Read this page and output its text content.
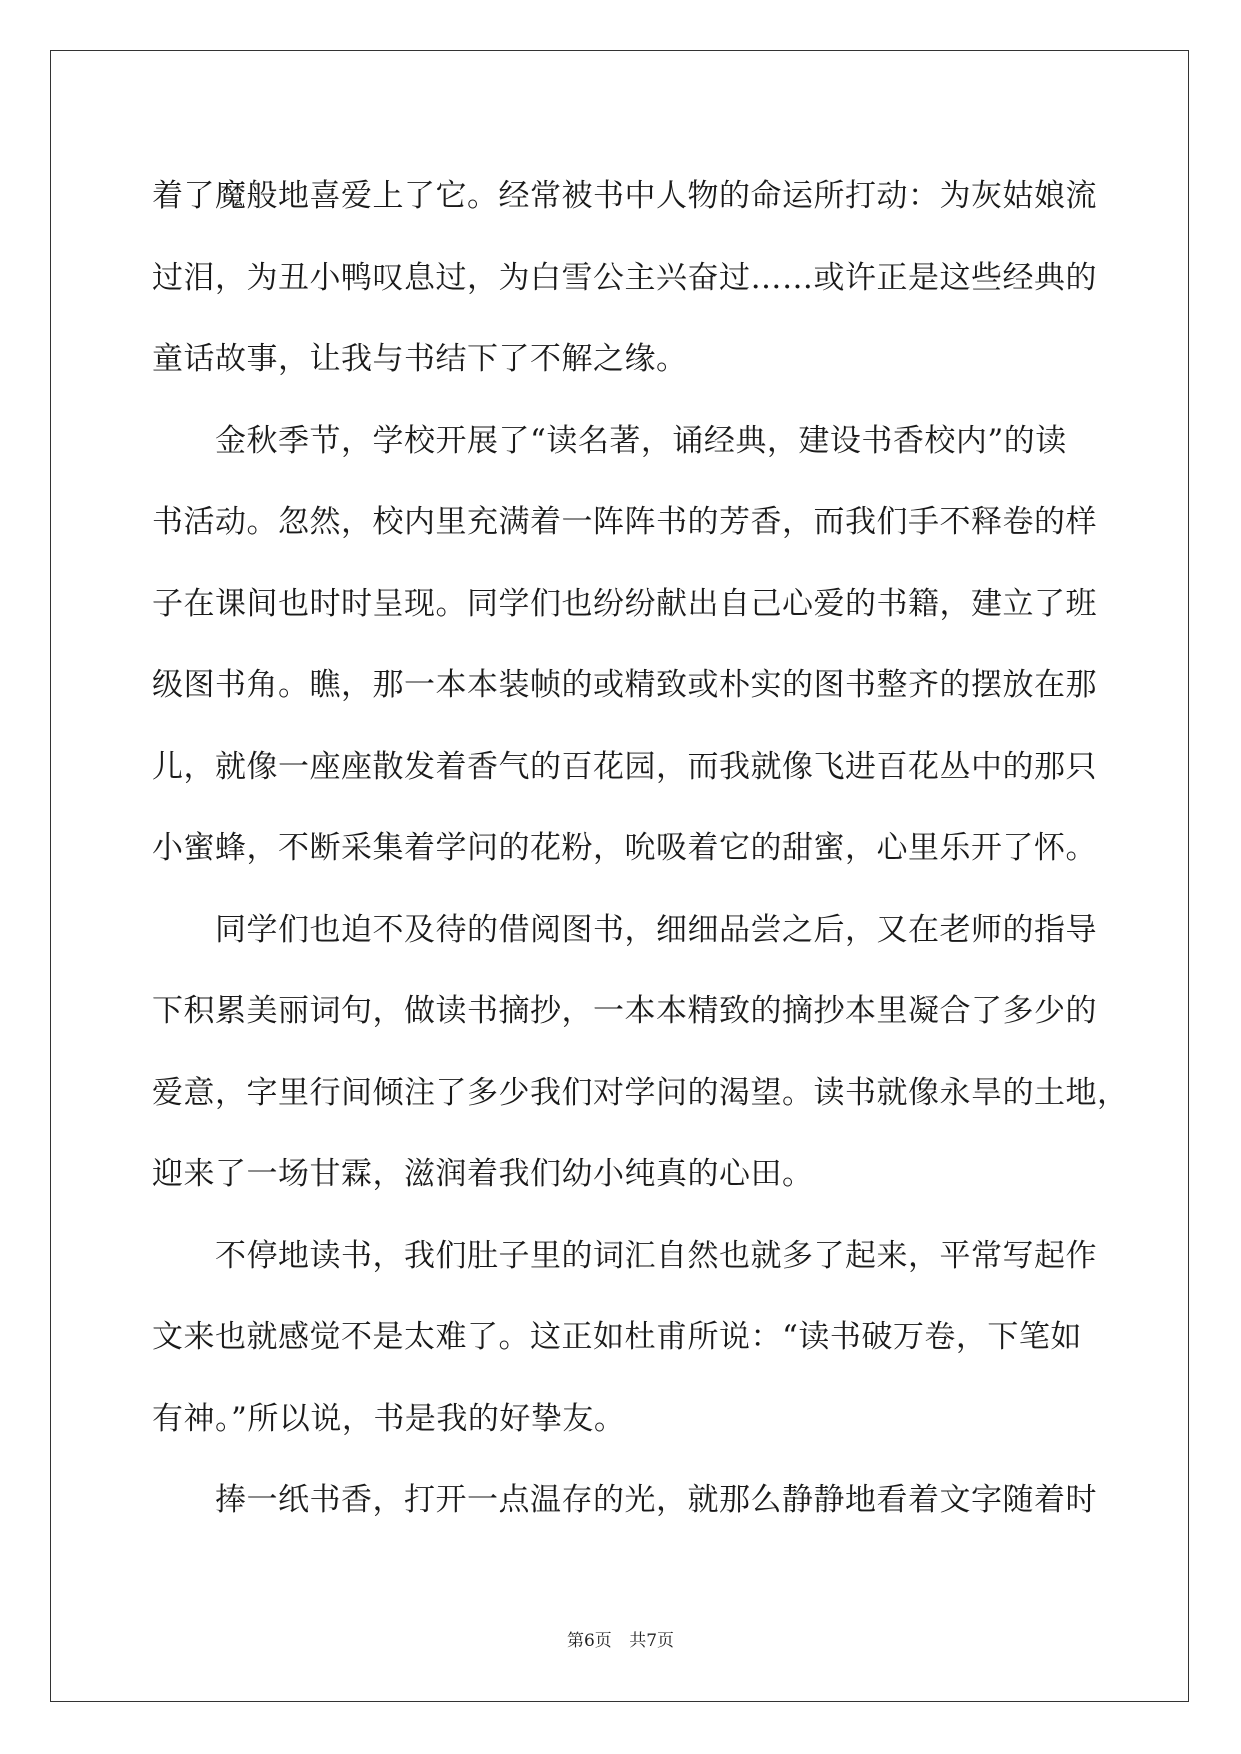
着了魔般地喜爱上了它。经常被书中人物的命运所打动：为灰姑娘流
过泪，为丑小鸭叹息过，为白雪公主兴奋过……或许正是这些经典的
童话故事，让我与书结下了不解之缘。
　　金秋季节，学校开展了“读名著，诵经典，建设书香校内”的读
书活动。忽然，校内里充满着一阵阵书的芳香，而我们手不释卷的样
子在课间也时时呈现。同学们也纷纷献出自己心爱的书籍，建立了班
级图书角。瞧，那一本本装帧的或精致或朴实的图书整齐的摆放在那
儿，就像一座座散发着香气的百花园，而我就像飞进百花丛中的那只
小蜜蜂，不断采集着学问的花粉，吮吸着它的甜蜜，心里乐开了怀。
　　同学们也迫不及待的借阅图书，细细品尝之后，又在老师的指导
下积累美丽词句，做读书摘抄，一本本精致的摘抄本里凝合了多少的
爱意，字里行间倾注了多少我们对学问的渴望。读书就像永旱的土地，
迎来了一场甘霖，滋润着我们幼小纯真的心田。
　　不停地读书，我们肚子里的词汇自然也就多了起来，平常写起作
文来也就感觉不是太难了。这正如杜甫所说：“读书破万卷，下笔如
有神。”所以说，书是我的好挚友。
　　捧一纸书香，打开一点温存的光，就那么静静地看着文字随着时
第6页 共7页
